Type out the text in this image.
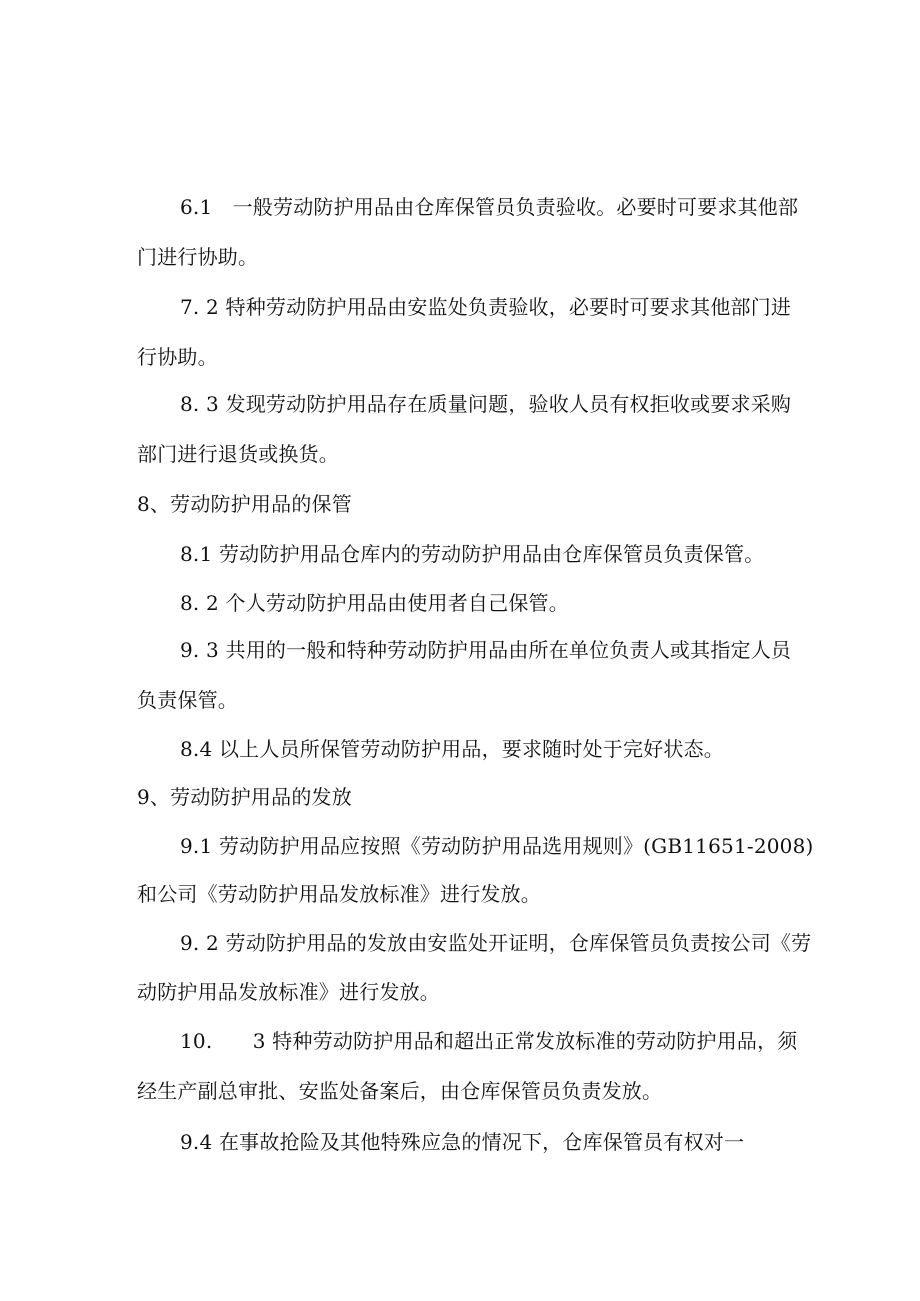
6.1　一般劳动防护用品由仓库保管员负责验收。必要时可要求其他部
门进行协助。
7. 2 特种劳动防护用品由安监处负责验收，必要时可要求其他部门进
行协助。
8. 3 发现劳动防护用品存在质量问题，验收人员有权拒收或要求采购
部门进行退货或换货。
8、劳动防护用品的保管
8.1 劳动防护用品仓库内的劳动防护用品由仓库保管员负责保管。
8. 2 个人劳动防护用品由使用者自己保管。
9. 3 共用的一般和特种劳动防护用品由所在单位负责人或其指定人员
负责保管。
8.4 以上人员所保管劳动防护用品，要求随时处于完好状态。
9、劳动防护用品的发放
9.1 劳动防护用品应按照《劳动防护用品选用规则》(GB11651-2008)
和公司《劳动防护用品发放标准》进行发放。
9. 2 劳动防护用品的发放由安监处开证明，仓库保管员负责按公司《劳
动防护用品发放标准》进行发放。
10.　　3 特种劳动防护用品和超出正常发放标准的劳动防护用品，须
经生产副总审批、安监处备案后，由仓库保管员负责发放。
9.4 在事故抢险及其他特殊应急的情况下，仓库保管员有权对一
